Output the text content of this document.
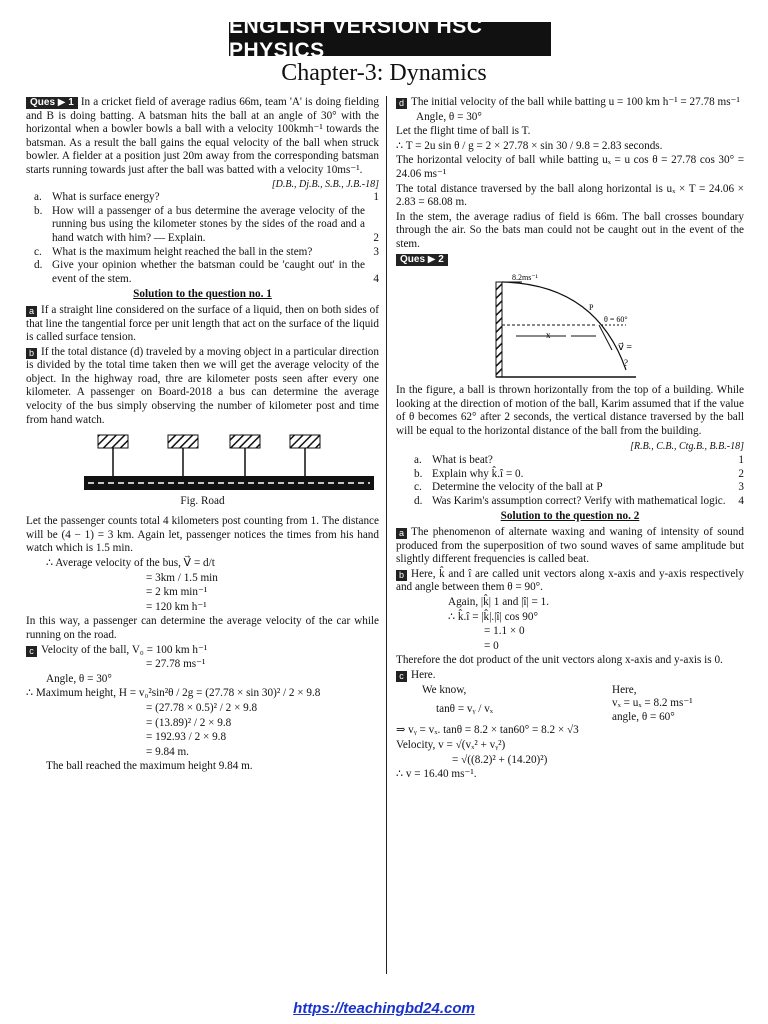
ENGLISH VERSION HSC PHYSICS
Chapter-3: Dynamics

Ques ▶ 1 In a cricket field of average radius 66m, team 'A' is doing fielding and B is doing batting. A batsman hits the ball at an angle of 30° with the horizontal when a bowler bowls a ball with a velocity 100kmh⁻¹ towards the batsman. As a result the ball gains the equal velocity of the ball when struck bowler. A fielder at a position just 20m away from the corresponding batsman starts running towards just after the ball was batted with a velocity 10ms⁻¹.
[D.B., Dj.B., S.B., J.B.-18]

a. What is surface energy?	1
b. How will a passenger of a bus determine the average velocity of the running bus using the kilometer stones by the sides of the road and a hand watch with him? — Explain.	2
c. What is the maximum height reached the ball in the stem?	3
d. Give your opinion whether the batsman could be 'caught out' in the event of the stem.	4
Solution to the question no. 1

a If a straight line considered on the surface of a liquid, then on both sides of that line the tangential force per unit length that act on the surface of the liquid is called surface tension.

b If the total distance (d) traveled by a moving object in a particular direction is divided by the total time taken then we will get the average velocity of the object. In the highway road, thre are kilometer posts seen after every one kilometer. A passenger on Board-2018 a bus can determine the average velocity of the bus simply observing the number of kilometer post and time from hand watch.

Fig. Road

Let the passenger counts total 4 kilometers post counting from 1. The distance will be (4 − 1) = 3 km. Again let, passenger notices the times from his hand watch which is 1.5 min.

∴ Average velocity of the bus, V⃗ = d/t

= 3km / 1.5 min

= 2 km min⁻¹

= 120 km h⁻¹

In this way, a passenger can determine the average velocity of the car while running on the road.

c Velocity of the ball, V₀ = 100 km h⁻¹

= 27.78 ms⁻¹

Angle, θ = 30°

∴ Maximum height, H = v₀²sin²θ / 2g = (27.78 × sin 30)² / 2 × 9.8

= (27.78 × 0.5)² / 2 × 9.8

= (13.89)² / 2 × 9.8

= 192.93 / 2 × 9.8

= 9.84 m.

The ball reached the maximum height 9.84 m.

d The initial velocity of the ball while batting u = 100 km h⁻¹ = 27.78 ms⁻¹

Angle, θ = 30°

Let the flight time of ball is T.

∴ T = 2u sin θ / g = 2 × 27.78 × sin 30 / 9.8 = 2.83 seconds.

The horizontal velocity of ball while batting uₓ = u cos θ = 27.78 cos 30° = 24.06 ms⁻¹

The total distance traversed by the ball along horizontal is uₓ × T = 24.06 × 2.83 = 68.08 m.

In the stem, the average radius of field is 66m. The ball crosses boundary through the air. So the bats man could not be caught out in the event of the stem.

Ques ▶ 2

8.2ms⁻¹
P
θ = 60°
x
v⃗ =
?

In the figure, a ball is thrown horizontally from the top of a building. While looking at the direction of motion of the ball, Karim assumed that if the value of θ becomes 62° after 2 seconds, the vertical distance traversed by the ball will be equal to the horizontal distance of the ball from the building.

[R.B., C.B., Ctg.B., B.B.-18]

a. What is beat?	1
b. Explain why k̂.î = 0.	2
c. Determine the velocity of the ball at P	3
d. Was Karim's assumption correct? Verify with mathematical logic.	4
Solution to the question no. 2

a The phenomenon of alternate waxing and waning of intensity of sound produced from the superposition of two sound waves of same amplitude but slightly different frequencies is called beat.

b Here, k̂ and î are called unit vectors along x-axis and y-axis respectively and angle between them θ = 90°.

Again, |k̂| 1 and |î| = 1.

∴ k̂.î = |k̂|.|î| cos 90°

= 1.1 × 0

= 0

Therefore the dot product of the unit vectors along x-axis and y-axis is 0.

c Here.

We know,
tanθ = vᵧ / vₓ
Here,
vₓ = uₓ = 8.2 ms⁻¹
angle, θ = 60°

⇒ vᵧ = vₓ. tanθ = 8.2 × tan60° = 8.2 × √3

Velocity, v = √(vₓ² + vᵧ²)

= √((8.2)² + (14.20)²)

∴ v = 16.40 ms⁻¹.

https://teachingbd24.com
